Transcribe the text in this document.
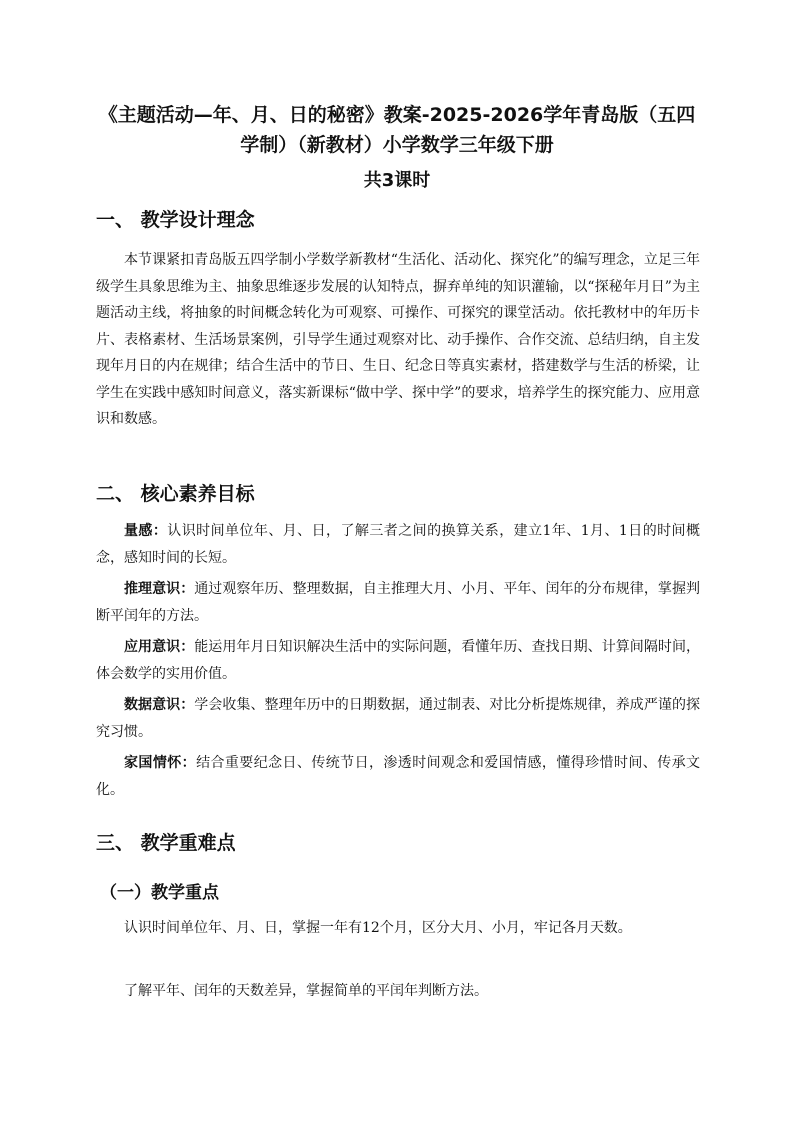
《主题活动—年、月、日的秘密》教案-2025-2026学年青岛版（五四学制）（新教材）小学数学三年级下册

共3课时

一、 教学设计理念

本节课紧扣青岛版五四学制小学数学新教材“生活化、活动化、探究化”的编写理念，立足三年级学生具象思维为主、抽象思维逐步发展的认知特点，摒弃单纯的知识灌输，以“探秘年月日”为主题活动主线，将抽象的时间概念转化为可观察、可操作、可探究的课堂活动。依托教材中的年历卡片、表格素材、生活场景案例，引导学生通过观察对比、动手操作、合作交流、总结归纳，自主发现年月日的内在规律；结合生活中的节日、生日、纪念日等真实素材，搭建数学与生活的桥梁，让学生在实践中感知时间意义，落实新课标“做中学、探中学”的要求，培养学生的探究能力、应用意识和数感。

二、 核心素养目标

量感：认识时间单位年、月、日，了解三者之间的换算关系，建立1年、1月、1日的时间概念，感知时间的长短。

推理意识：通过观察年历、整理数据，自主推理大月、小月、平年、闰年的分布规律，掌握判断平闰年的方法。

应用意识：能运用年月日知识解决生活中的实际问题，看懂年历、查找日期、计算间隔时间，体会数学的实用价值。

数据意识：学会收集、整理年历中的日期数据，通过制表、对比分析提炼规律，养成严谨的探究习惯。

家国情怀：结合重要纪念日、传统节日，渗透时间观念和爱国情感，懂得珍惜时间、传承文化。

三、 教学重难点
（一）教学重点

认识时间单位年、月、日，掌握一年有12个月，区分大月、小月，牢记各月天数。

了解平年、闰年的天数差异，掌握简单的平闰年判断方法。
